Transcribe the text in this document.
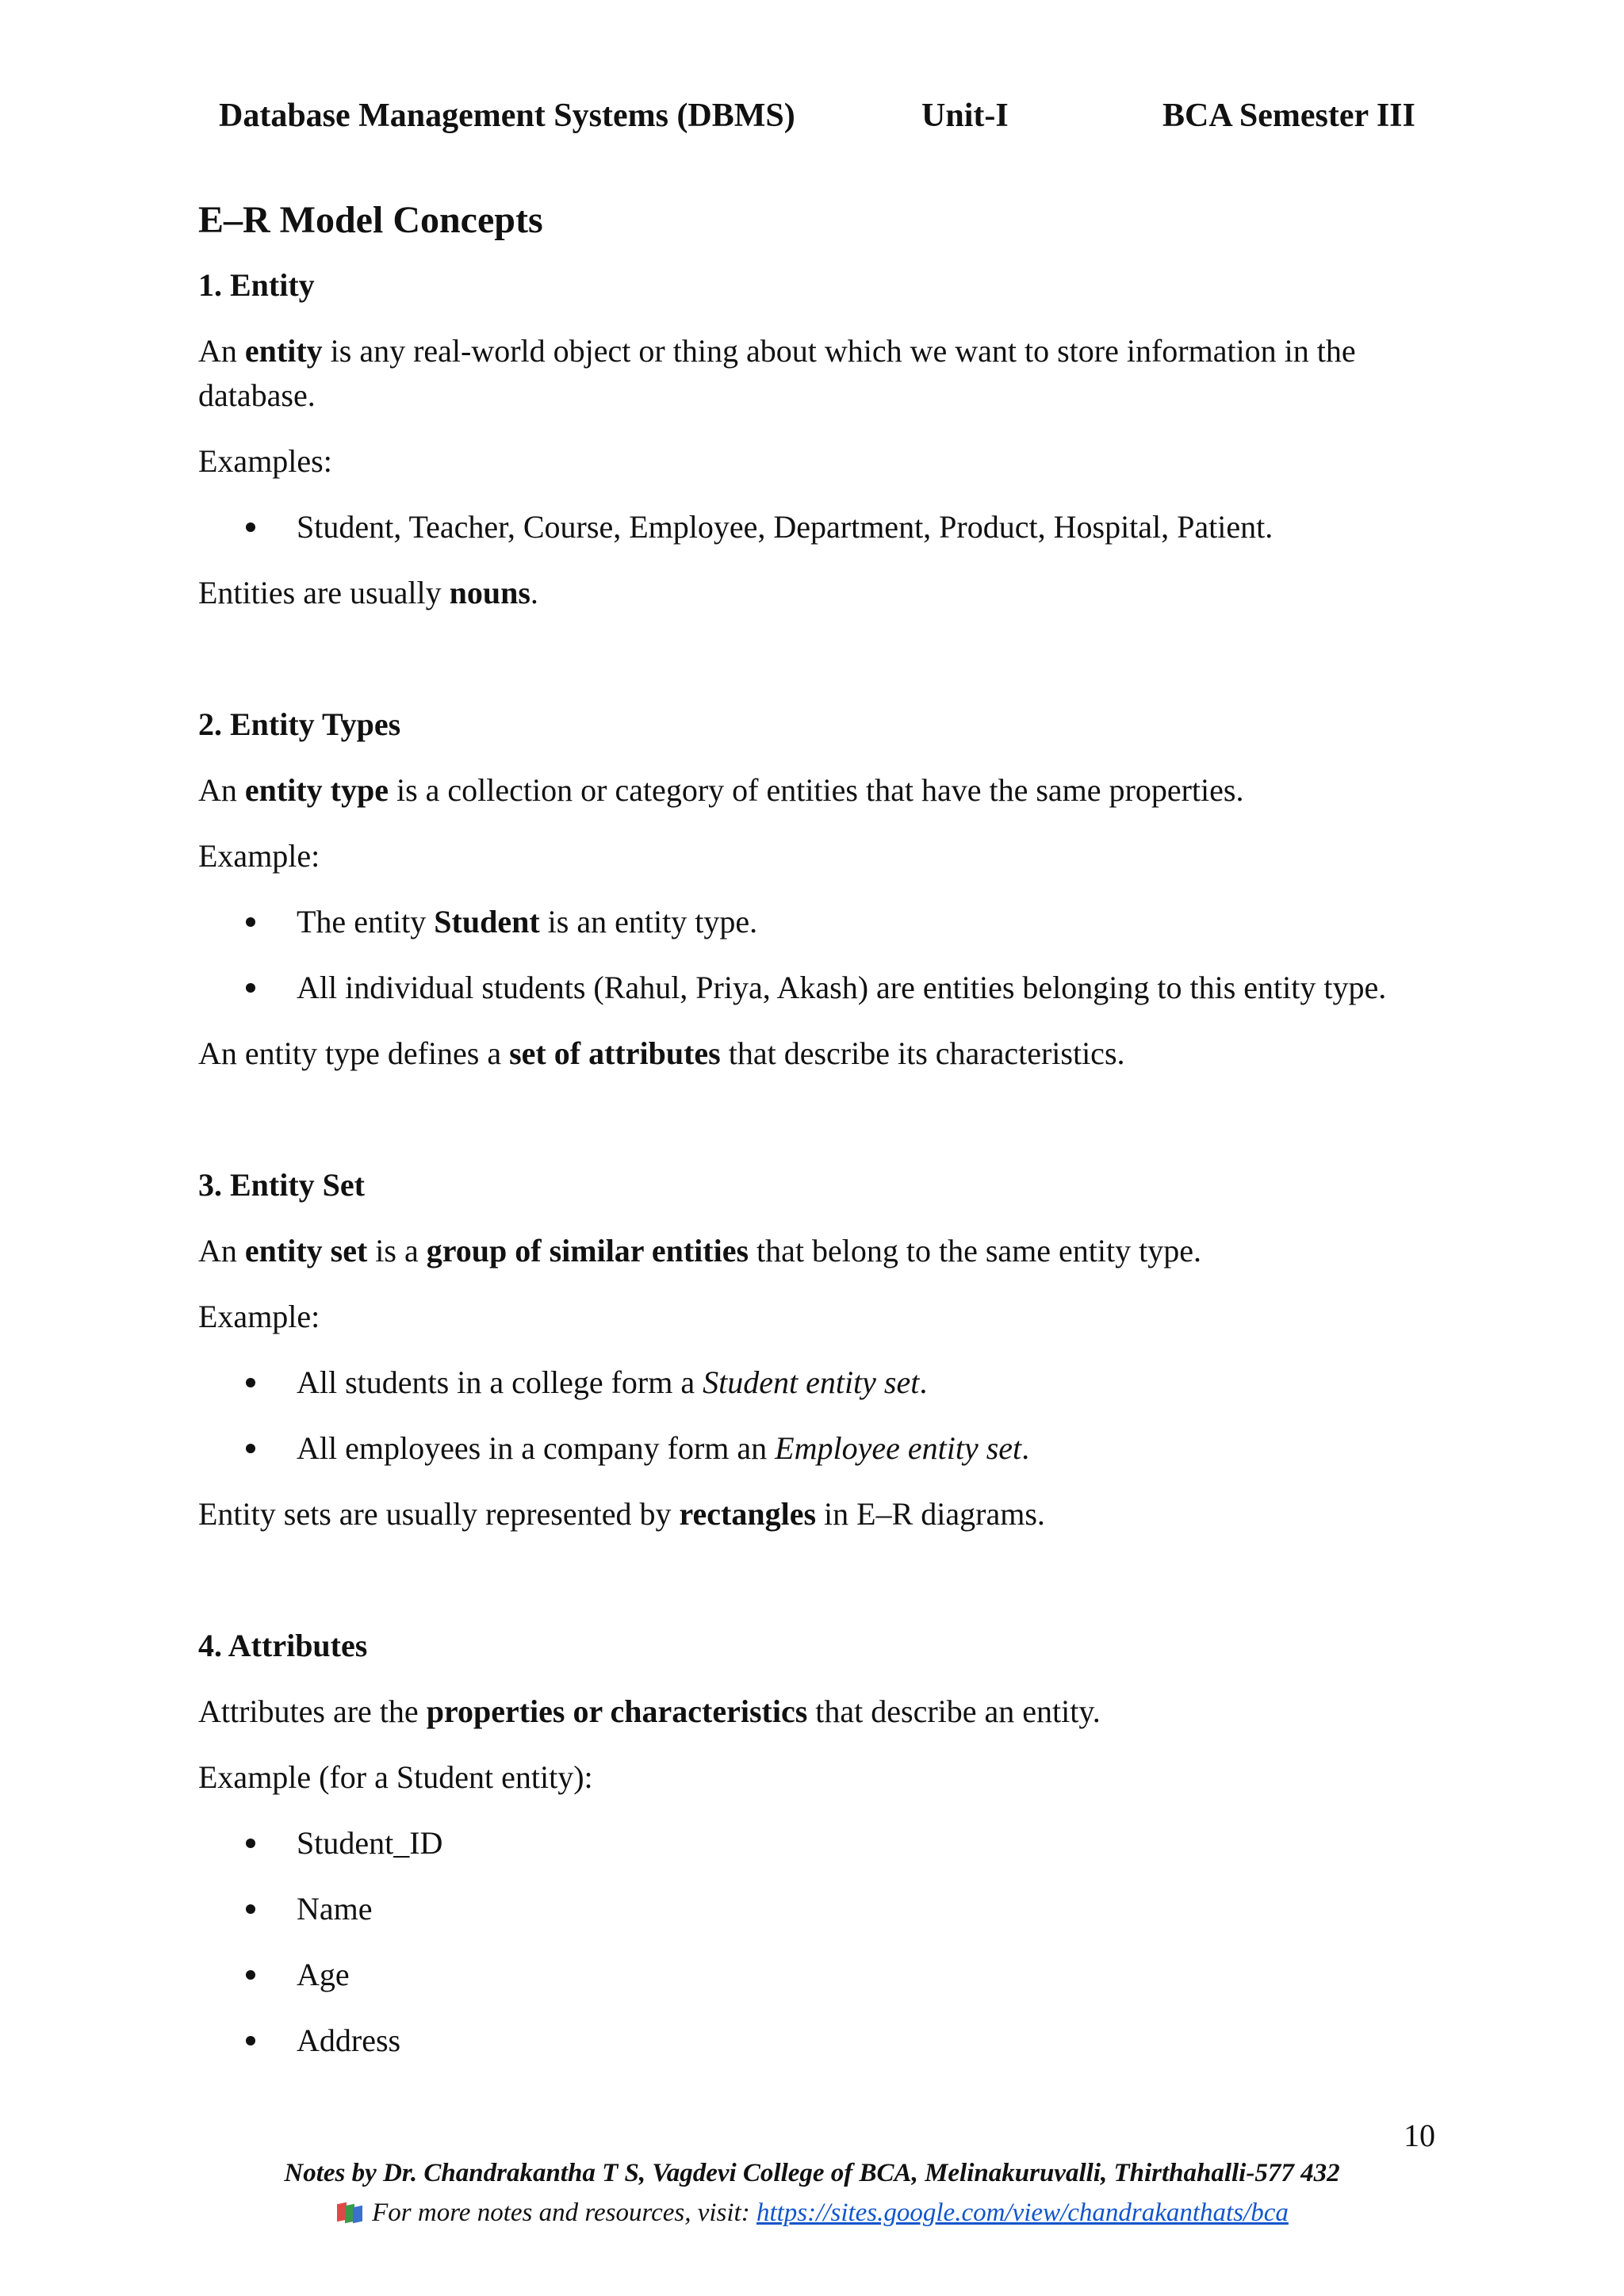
Database Management Systems (DBMS)	Unit-I	BCA Semester III
E–R Model Concepts
1. Entity
An entity is any real-world object or thing about which we want to store information in the database.
Examples:
Student, Teacher, Course, Employee, Department, Product, Hospital, Patient.
Entities are usually nouns.
2. Entity Types
An entity type is a collection or category of entities that have the same properties.
Example:
The entity Student is an entity type.
All individual students (Rahul, Priya, Akash) are entities belonging to this entity type.
An entity type defines a set of attributes that describe its characteristics.
3. Entity Set
An entity set is a group of similar entities that belong to the same entity type.
Example:
All students in a college form a Student entity set.
All employees in a company form an Employee entity set.
Entity sets are usually represented by rectangles in E–R diagrams.
4. Attributes
Attributes are the properties or characteristics that describe an entity.
Example (for a Student entity):
Student_ID
Name
Age
Address
10
Notes by Dr. Chandrakantha T S, Vagdevi College of BCA, Melinakuruvalli, Thirthahalli-577 432
For more notes and resources, visit: https://sites.google.com/view/chandrakanthats/bca
